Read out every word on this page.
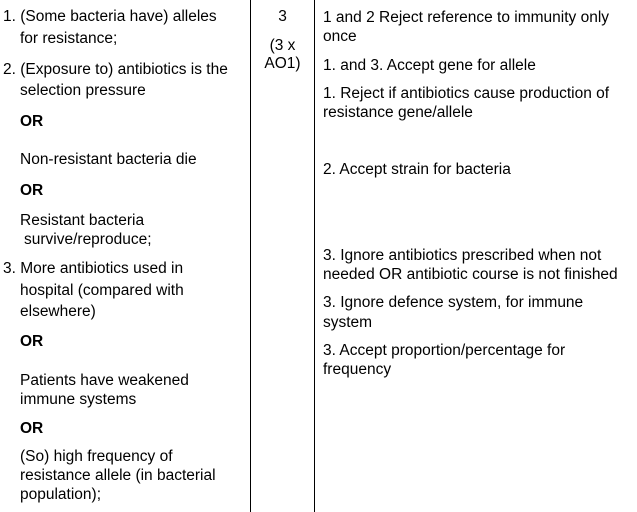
1. (Some bacteria have) alleles

for resistance;

2. (Exposure to) antibiotics is the

selection pressure

OR

Non-resistant bacteria die

OR

Resistant bacteria

survive/reproduce;

3. More antibiotics used in

hospital (compared with

elsewhere)

OR

Patients have weakened

immune systems

OR

(So) high frequency of

resistance allele (in bacterial

population);

3

(3 x

AO1)

1 and 2 Reject reference to immunity only

once

1. and 3. Accept gene for allele

1. Reject if antibiotics cause production of

resistance gene/allele

2. Accept strain for bacteria

3. Ignore antibiotics prescribed when not

needed OR antibiotic course is not finished

3. Ignore defence system, for immune

system

3. Accept proportion/percentage for

frequency
